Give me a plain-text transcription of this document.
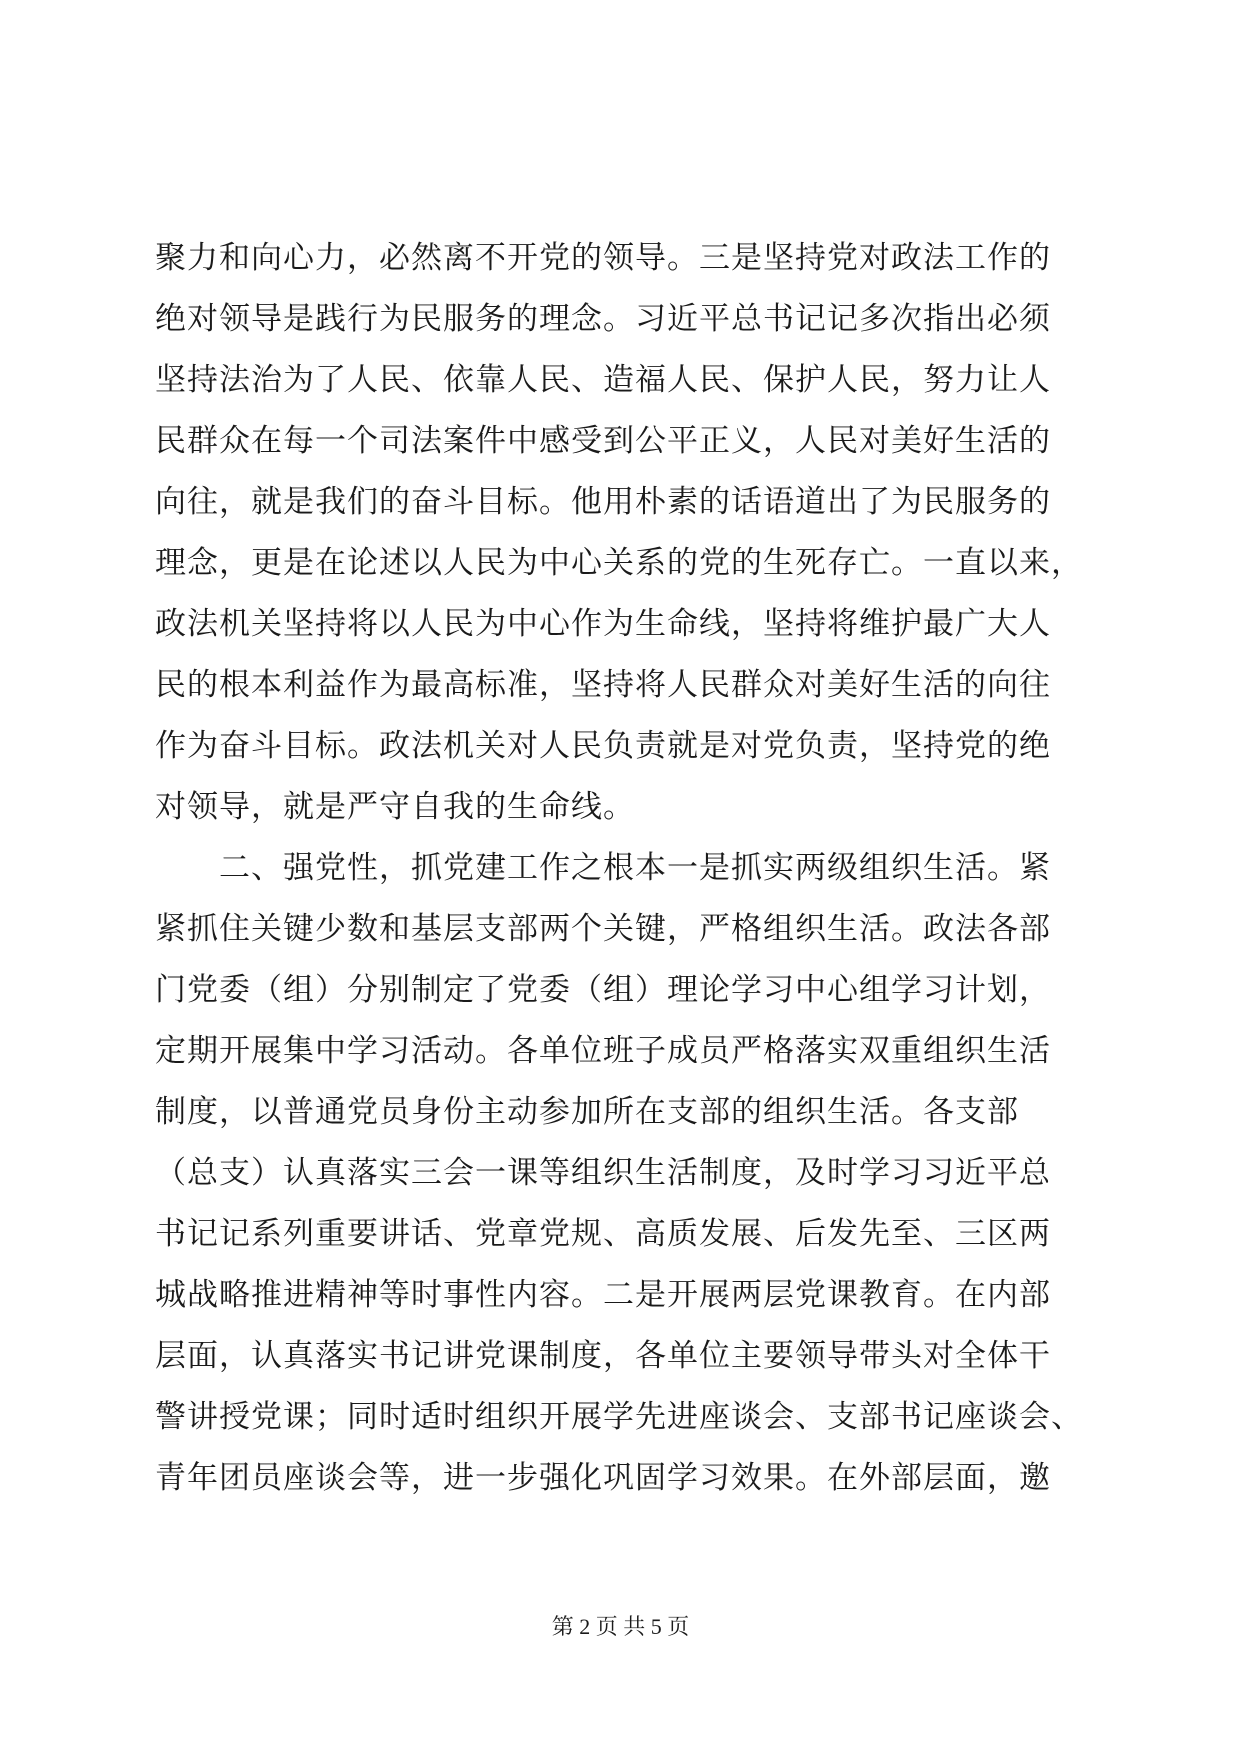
聚力和向心力，必然离不开党的领导。三是坚持党对政法工作的
绝对领导是践行为民服务的理念。习近平总书记记多次指出必须
坚持法治为了人民、依靠人民、造福人民、保护人民，努力让人
民群众在每一个司法案件中感受到公平正义，人民对美好生活的
向往，就是我们的奋斗目标。他用朴素的话语道出了为民服务的
理念，更是在论述以人民为中心关系的党的生死存亡。一直以来，
政法机关坚持将以人民为中心作为生命线，坚持将维护最广大人
民的根本利益作为最高标准，坚持将人民群众对美好生活的向往
作为奋斗目标。政法机关对人民负责就是对党负责，坚持党的绝
对领导，就是严守自我的生命线。
　　二、强党性，抓党建工作之根本一是抓实两级组织生活。紧
紧抓住关键少数和基层支部两个关键，严格组织生活。政法各部
门党委（组）分别制定了党委（组）理论学习中心组学习计划，
定期开展集中学习活动。各单位班子成员严格落实双重组织生活
制度，以普通党员身份主动参加所在支部的组织生活。各支部
（总支）认真落实三会一课等组织生活制度，及时学习习近平总
书记记系列重要讲话、党章党规、高质发展、后发先至、三区两
城战略推进精神等时事性内容。二是开展两层党课教育。在内部
层面，认真落实书记讲党课制度，各单位主要领导带头对全体干
警讲授党课；同时适时组织开展学先进座谈会、支部书记座谈会、
青年团员座谈会等，进一步强化巩固学习效果。在外部层面，邀
第 2 页 共 5 页
